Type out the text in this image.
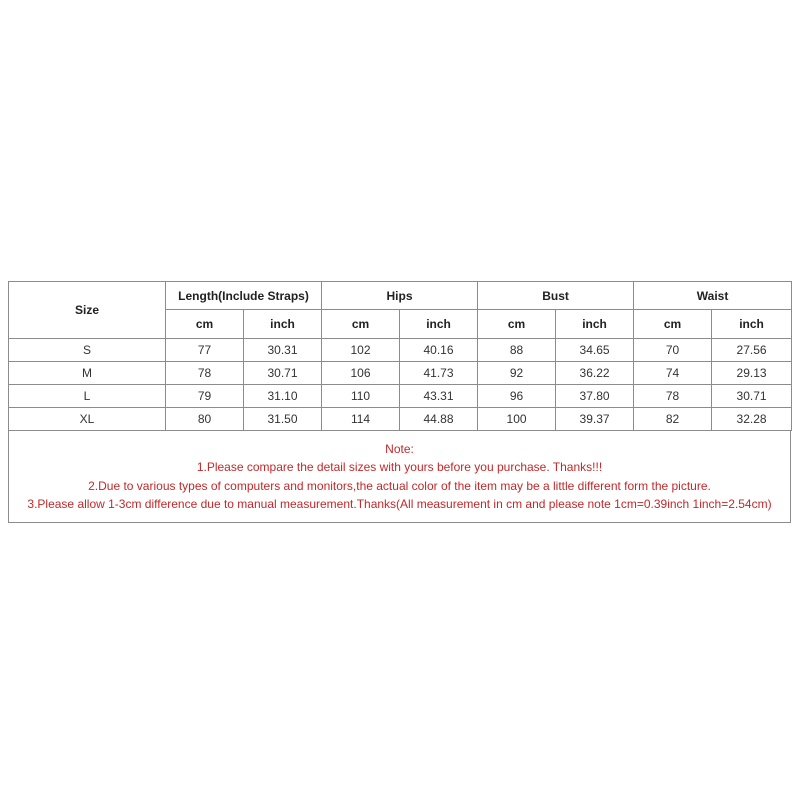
Size	Length(Include Straps)		Hips		Bust		Waist	
	cm	inch	cm	inch	cm	inch	cm	inch
S	77	30.31	102	40.16	88	34.65	70	27.56
M	78	30.71	106	41.73	92	36.22	74	29.13
L	79	31.10	110	43.31	96	37.80	78	30.71
XL	80	31.50	114	44.88	100	39.37	82	32.28
Note:
1.Please compare the detail sizes with yours before you purchase. Thanks!!!
2.Due to various types of computers and monitors,the actual color of the item may be a little different form the picture.
3.Please allow 1-3cm difference due to manual measurement.Thanks(All measurement in cm and please note 1cm=0.39inch 1inch=2.54cm)
